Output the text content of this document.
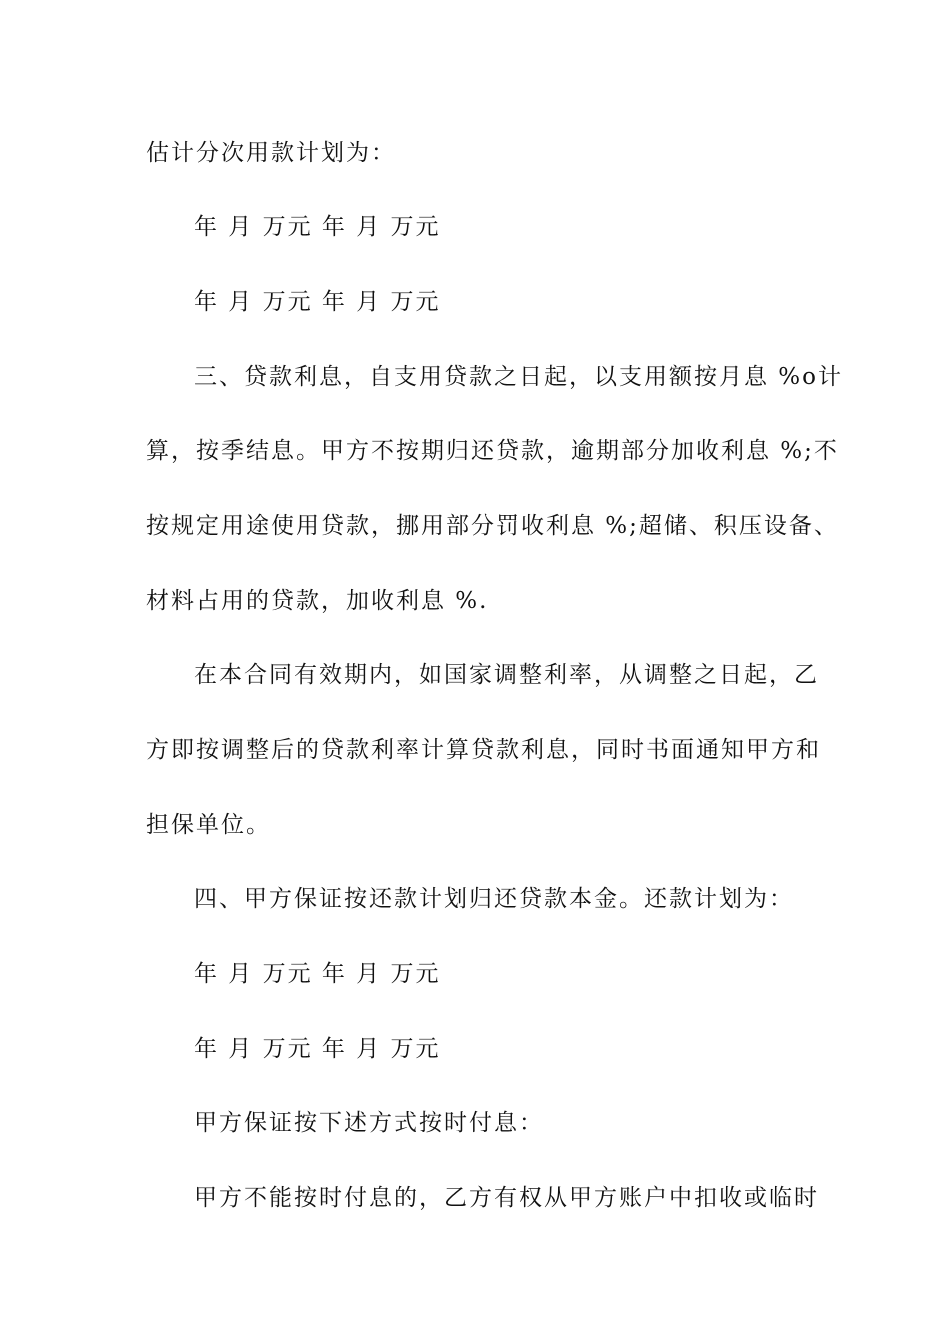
估计分次用款计划为：
年 月 万元 年 月 万元
年 月 万元 年 月 万元
三、贷款利息，自支用贷款之日起，以支用额按月息 %o计
算，按季结息。甲方不按期归还贷款，逾期部分加收利息 %;不
按规定用途使用贷款，挪用部分罚收利息 %;超储、积压设备、
材料占用的贷款，加收利息 %.
在本合同有效期内，如国家调整利率，从调整之日起，乙
方即按调整后的贷款利率计算贷款利息，同时书面通知甲方和
担保单位。
四、甲方保证按还款计划归还贷款本金。还款计划为：
年 月 万元 年 月 万元
年 月 万元 年 月 万元
甲方保证按下述方式按时付息：
甲方不能按时付息的，乙方有权从甲方账户中扣收或临时
